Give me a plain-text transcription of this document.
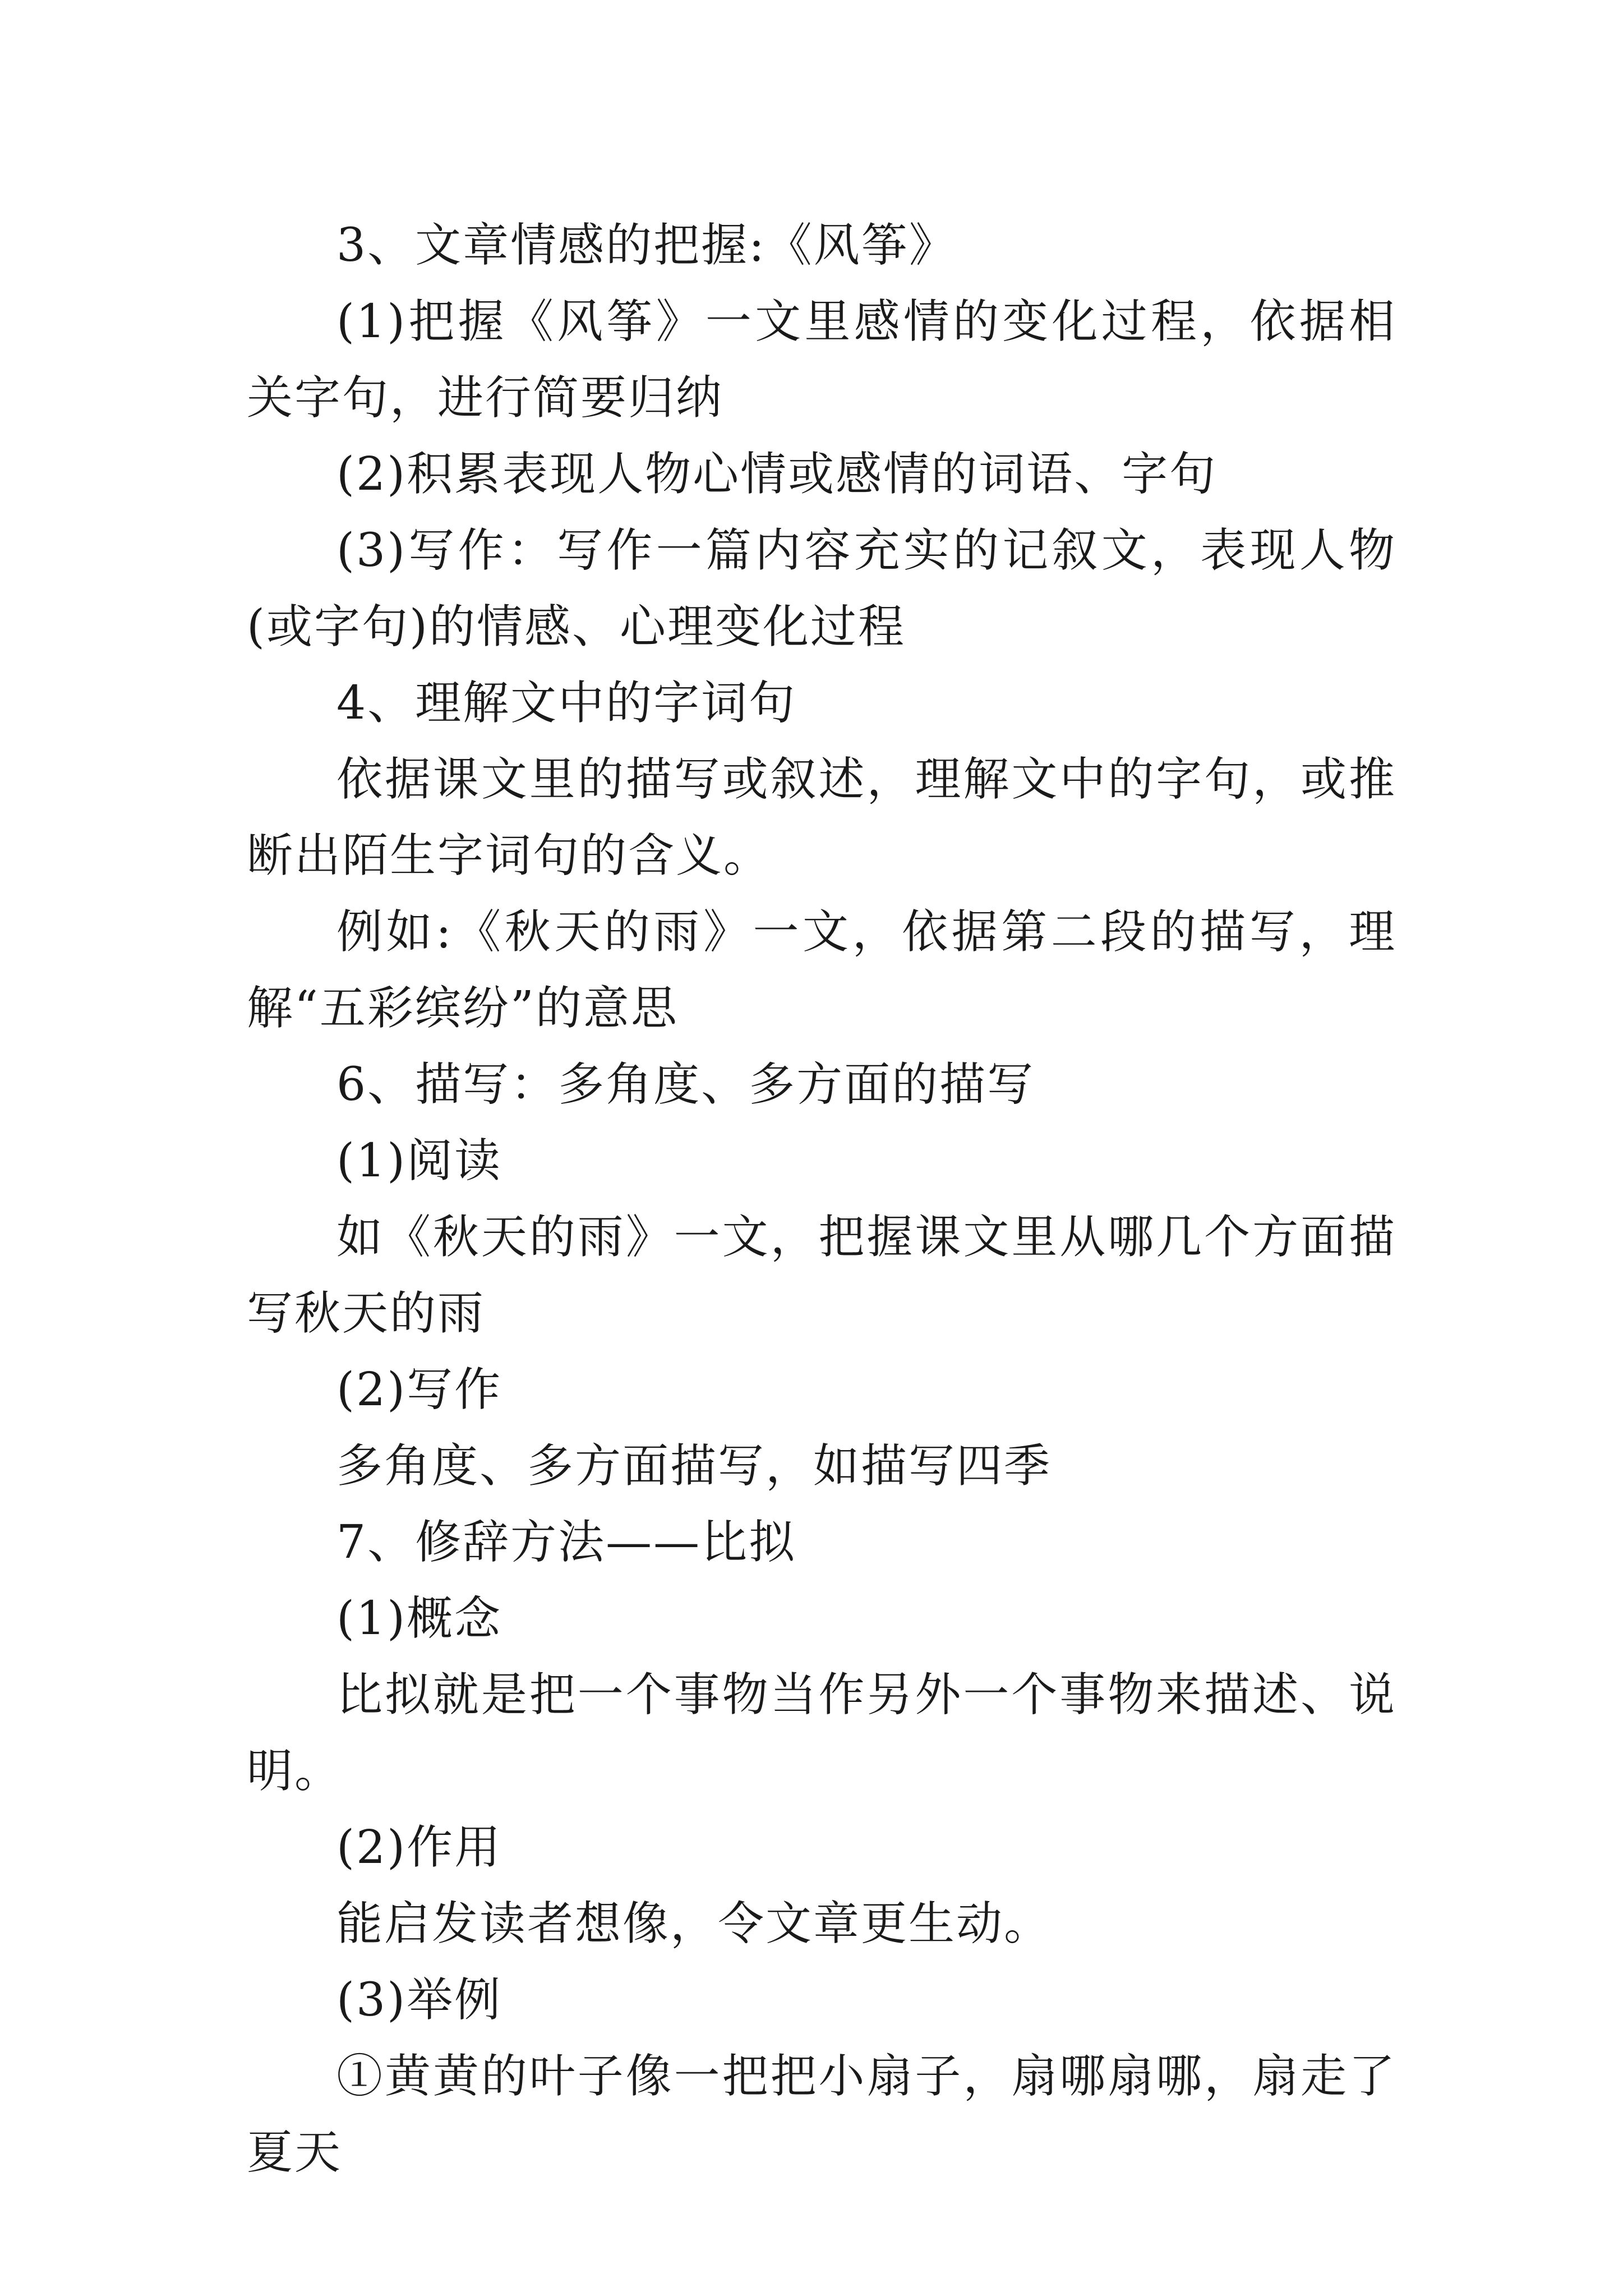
3、文章情感的把握:《风筝》

(1)把握《风筝》一文里感情的变化过程，依据相关字句，进行简要归纳

(2)积累表现人物心情或感情的词语、字句

(3)写作：写作一篇内容充实的记叙文，表现人物(或字句)的情感、心理变化过程

4、理解文中的字词句

依据课文里的描写或叙述，理解文中的字句，或推断出陌生字词句的含义。

例如:《秋天的雨》一文，依据第二段的描写，理解“五彩缤纷”的意思

6、描写：多角度、多方面的描写

(1)阅读

如《秋天的雨》一文，把握课文里从哪几个方面描写秋天的雨

(2)写作

多角度、多方面描写，如描写四季

7、修辞方法——比拟

(1)概念

比拟就是把一个事物当作另外一个事物来描述、说明。

(2)作用

能启发读者想像，令文章更生动。

(3)举例

①黄黄的叶子像一把把小扇子，扇哪扇哪，扇走了夏天
